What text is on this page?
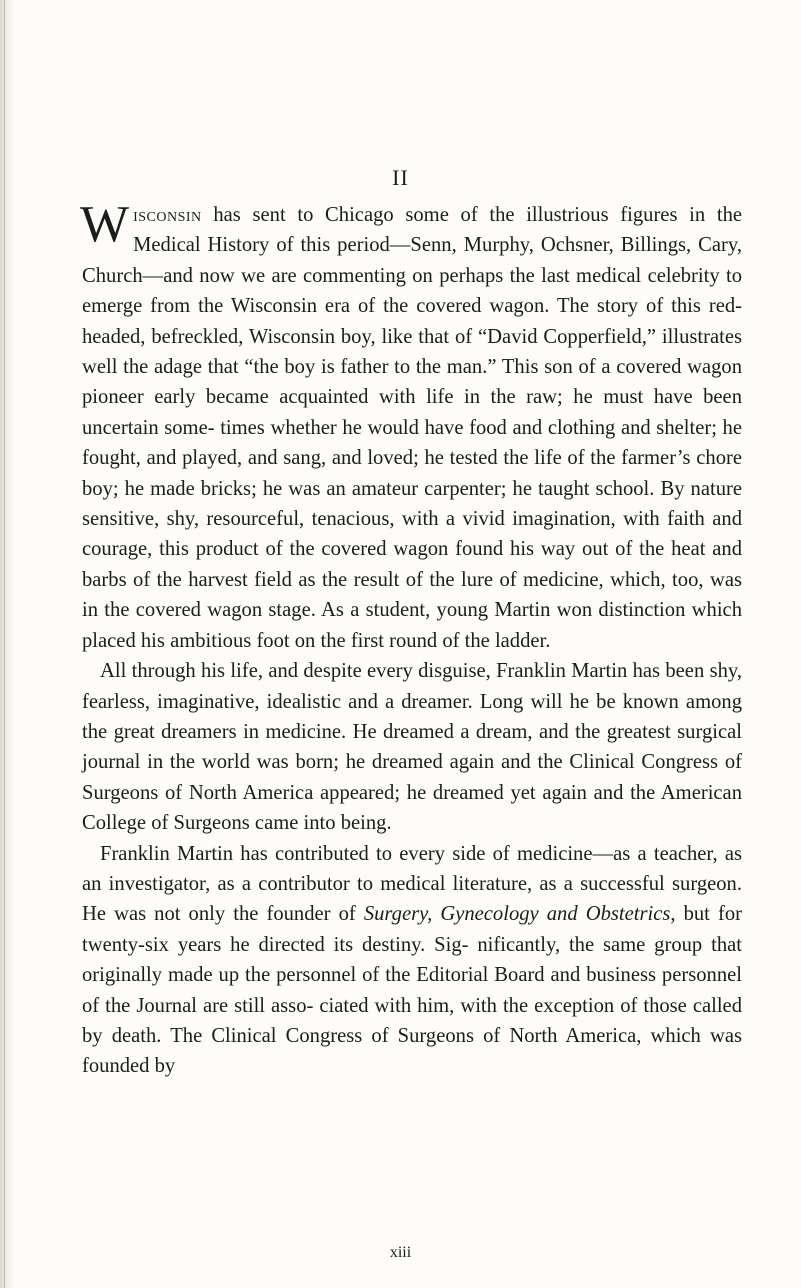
II

Wisconsin has sent to Chicago some of the illustrious figures in the Medical History of this period—Senn, Murphy, Ochsner, Billings, Cary, Church—and now we are commenting on perhaps the last medical celebrity to emerge from the Wisconsin era of the covered wagon. The story of this red-headed, befreckled, Wisconsin boy, like that of “David Copperfield,” illustrates well the adage that “the boy is father to the man.” This son of a covered wagon pioneer early became acquainted with life in the raw; he must have been uncertain some- times whether he would have food and clothing and shelter; he fought, and played, and sang, and loved; he tested the life of the farmer’s chore boy; he made bricks; he was an amateur carpenter; he taught school. By nature sensitive, shy, resourceful, tenacious, with a vivid imagination, with faith and courage, this product of the covered wagon found his way out of the heat and barbs of the harvest field as the result of the lure of medicine, which, too, was in the covered wagon stage. As a student, young Martin won distinction which placed his ambitious foot on the first round of the ladder.

All through his life, and despite every disguise, Franklin Martin has been shy, fearless, imaginative, idealistic and a dreamer. Long will he be known among the great dreamers in medicine. He dreamed a dream, and the greatest surgical journal in the world was born; he dreamed again and the Clinical Congress of Surgeons of North America appeared; he dreamed yet again and the American College of Surgeons came into being.

Franklin Martin has contributed to every side of medicine—as a teacher, as an investigator, as a contributor to medical literature, as a successful surgeon. He was not only the founder of Surgery, Gynecology and Obstetrics, but for twenty-six years he directed its destiny. Sig- nificantly, the same group that originally made up the personnel of the Editorial Board and business personnel of the Journal are still asso- ciated with him, with the exception of those called by death. The Clinical Congress of Surgeons of North America, which was founded by

xiii
